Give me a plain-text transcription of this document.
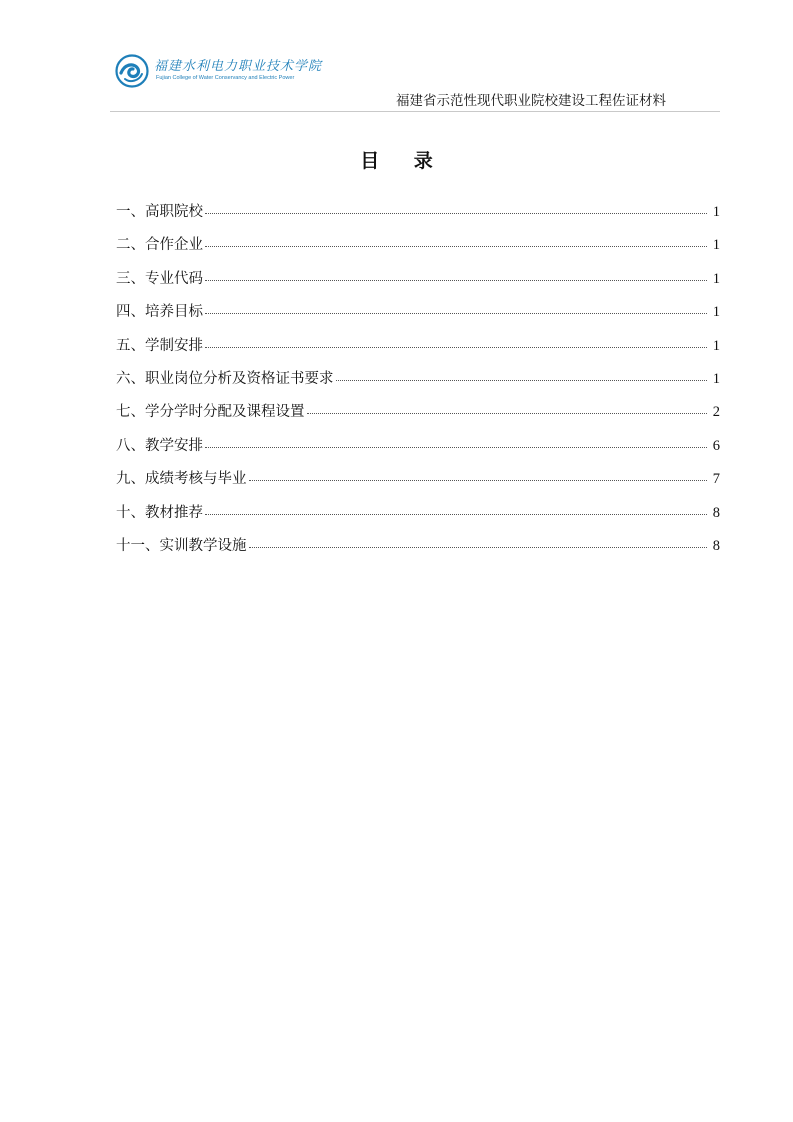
福建水利电力职业技术学院
Fujian College of Water Conservancy and Electric Power
福建省示范性现代职业院校建设工程佐证材料
目 录
一、高职院校	1
二、合作企业	1
三、专业代码	1
四、培养目标	1
五、学制安排	1
六、职业岗位分析及资格证书要求	1
七、学分学时分配及课程设置	2
八、教学安排	6
九、成绩考核与毕业	7
十、教材推荐	8
十一、实训教学设施	8
